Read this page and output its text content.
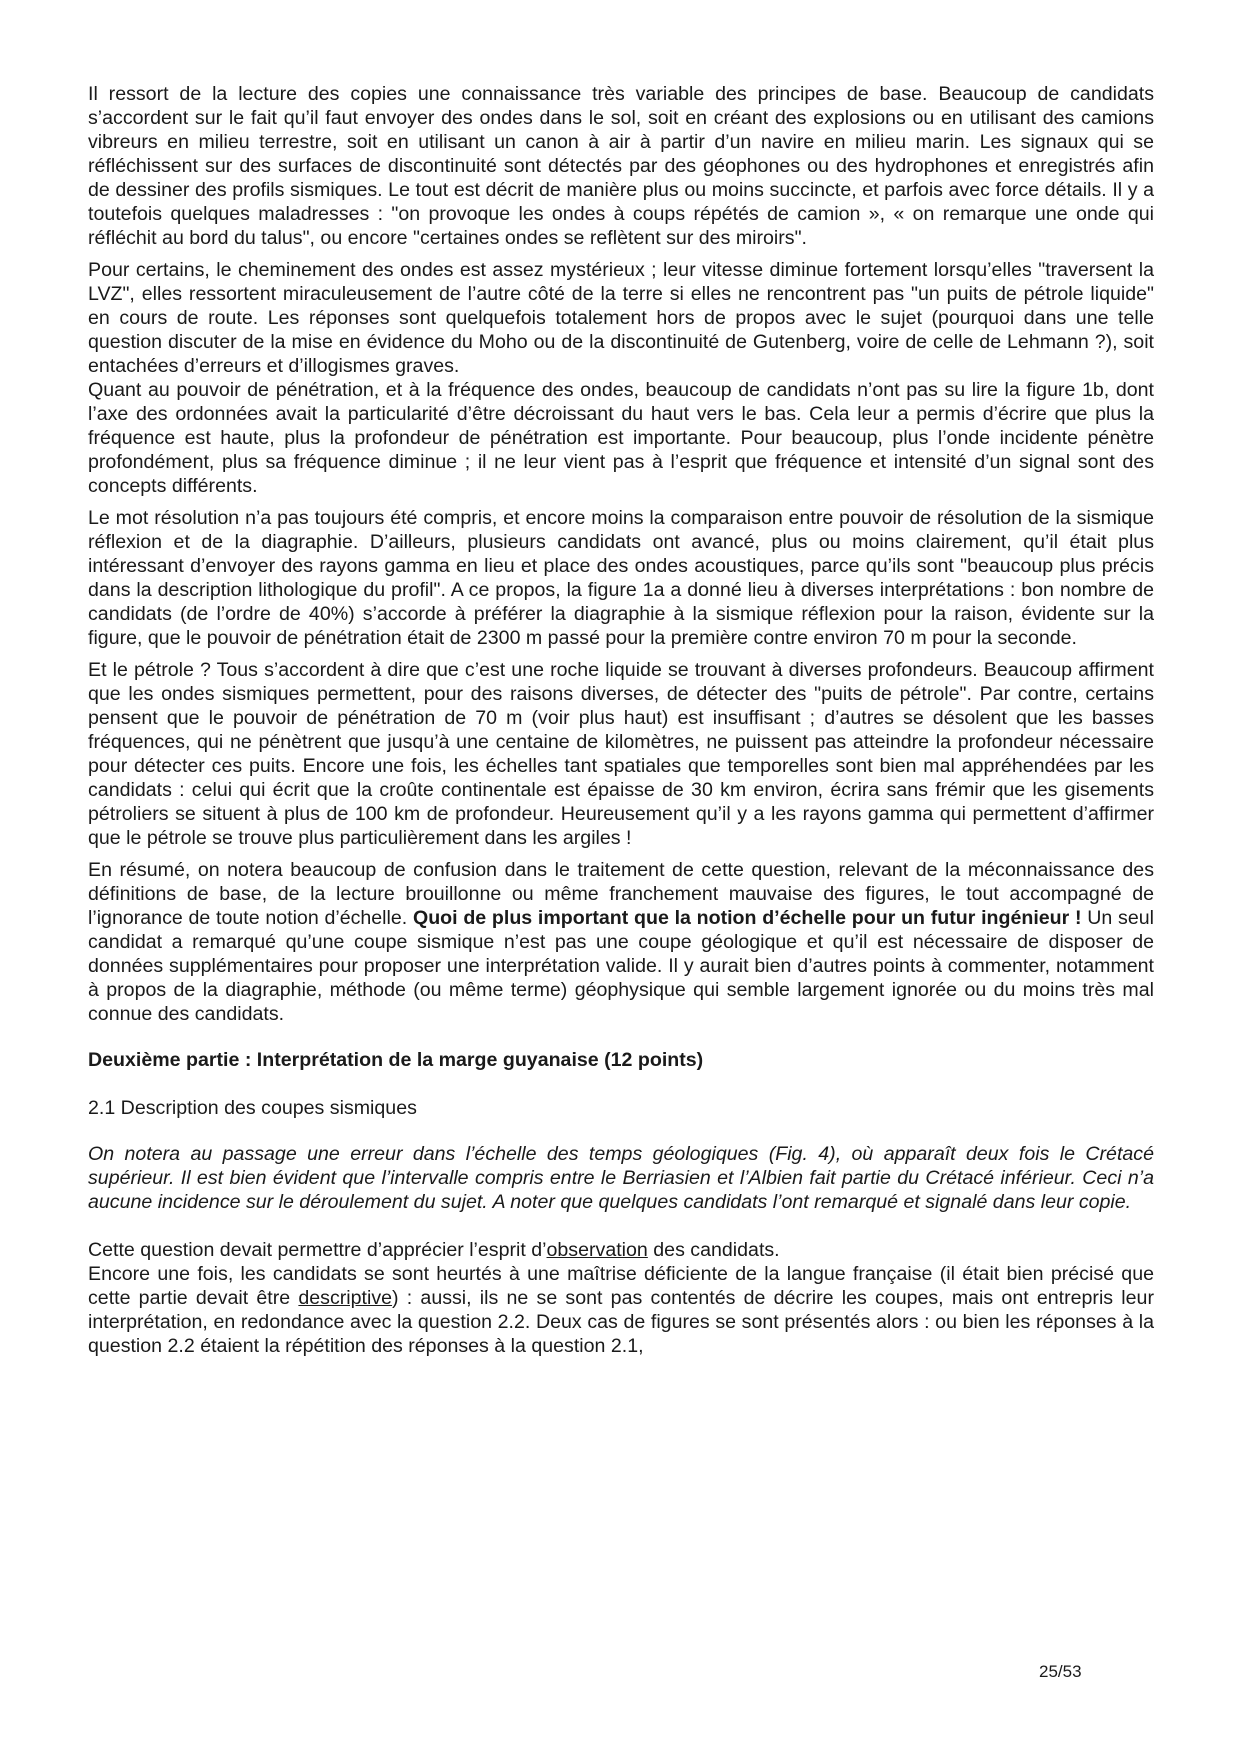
Il ressort de la lecture des copies une connaissance très variable des principes de base. Beaucoup de candidats s’accordent sur le fait qu’il faut envoyer des ondes dans le sol, soit en créant des explosions ou en utilisant des camions vibreurs en milieu terrestre, soit en utilisant un canon à air à partir d’un navire en milieu marin. Les signaux qui se réfléchissent sur des surfaces de discontinuité sont détectés par des géophones ou des hydrophones et enregistrés afin de dessiner des profils sismiques. Le tout est décrit de manière plus ou moins succincte, et parfois avec force détails. Il y a toutefois quelques maladresses : "on provoque les ondes à coups répétés de camion », « on remarque une onde qui réfléchit au bord du talus", ou encore "certaines ondes se reflètent sur des miroirs".

Pour certains, le cheminement des ondes est assez mystérieux ; leur vitesse diminue fortement lorsqu’elles "traversent la LVZ", elles ressortent miraculeusement de l’autre côté de la terre si elles ne rencontrent pas "un puits de pétrole liquide" en cours de route. Les réponses sont quelquefois totalement hors de propos avec le sujet (pourquoi dans une telle question discuter de la mise en évidence du Moho ou de la discontinuité de Gutenberg, voire de celle de Lehmann ?), soit entachées d’erreurs et d’illogismes graves.

Quant au pouvoir de pénétration, et à la fréquence des ondes, beaucoup de candidats n’ont pas su lire la figure 1b, dont l’axe des ordonnées avait la particularité d’être décroissant du haut vers le bas. Cela leur a permis d’écrire que plus la fréquence est haute, plus la profondeur de pénétration est importante. Pour beaucoup, plus l’onde incidente pénètre profondément, plus sa fréquence diminue ; il ne leur vient pas à l’esprit que fréquence et intensité d’un signal sont des concepts différents.

Le mot résolution n’a pas toujours été compris, et encore moins la comparaison entre pouvoir de résolution de la sismique réflexion et de la diagraphie. D’ailleurs, plusieurs candidats ont avancé, plus ou moins clairement, qu’il était plus intéressant d’envoyer des rayons gamma en lieu et place des ondes acoustiques, parce qu’ils sont "beaucoup plus précis dans la description lithologique du profil". A ce propos, la figure 1a a donné lieu à diverses interprétations : bon nombre de candidats (de l’ordre de 40%) s’accorde à préférer la diagraphie à la sismique réflexion pour la raison, évidente sur la figure, que le pouvoir de pénétration était de 2300 m passé pour la première contre environ 70 m pour la seconde.

Et le pétrole ? Tous s’accordent à dire que c’est une roche liquide se trouvant à diverses profondeurs. Beaucoup affirment que les ondes sismiques permettent, pour des raisons diverses, de détecter des "puits de pétrole". Par contre, certains pensent que le pouvoir de pénétration de 70 m (voir plus haut) est insuffisant ; d’autres se désolent que les basses fréquences, qui ne pénètrent que jusqu’à une centaine de kilomètres, ne puissent pas atteindre la profondeur nécessaire pour détecter ces puits. Encore une fois, les échelles tant spatiales que temporelles sont bien mal appréhendées par les candidats : celui qui écrit que la croûte continentale est épaisse de 30 km environ, écrira sans frémir que les gisements pétroliers se situent à plus de 100 km de profondeur. Heureusement qu’il y a les rayons gamma qui permettent d’affirmer que le pétrole se trouve plus particulièrement dans les argiles !

En résumé, on notera beaucoup de confusion dans le traitement de cette question, relevant de la méconnaissance des définitions de base, de la lecture brouillonne ou même franchement mauvaise des figures, le tout accompagné de l’ignorance de toute notion d’échelle. Quoi de plus important que la notion d’échelle pour un futur ingénieur ! Un seul candidat a remarqué qu’une coupe sismique n’est pas une coupe géologique et qu’il est nécessaire de disposer de données supplémentaires pour proposer une interprétation valide. Il y aurait bien d’autres points à commenter, notamment à propos de la diagraphie, méthode (ou même terme) géophysique qui semble largement ignorée ou du moins très mal connue des candidats.

Deuxième partie : Interprétation de la marge guyanaise (12 points)

2.1 Description des coupes sismiques

On notera au passage une erreur dans l’échelle des temps géologiques (Fig. 4), où apparaît deux fois le Crétacé supérieur. Il est bien évident que l’intervalle compris entre le Berriasien et l’Albien fait partie du Crétacé inférieur. Ceci n’a aucune incidence sur le déroulement du sujet. A noter que quelques candidats l’ont remarqué et signalé dans leur copie.

Cette question devait permettre d’apprécier l’esprit d’observation des candidats.

Encore une fois, les candidats se sont heurtés à une maîtrise déficiente de la langue française (il était bien précisé que cette partie devait être descriptive) : aussi, ils ne se sont pas contentés de décrire les coupes, mais ont entrepris leur interprétation, en redondance avec la question 2.2. Deux cas de figures se sont présentés alors : ou bien les réponses à la question 2.2 étaient la répétition des réponses à la question 2.1,

25/53
